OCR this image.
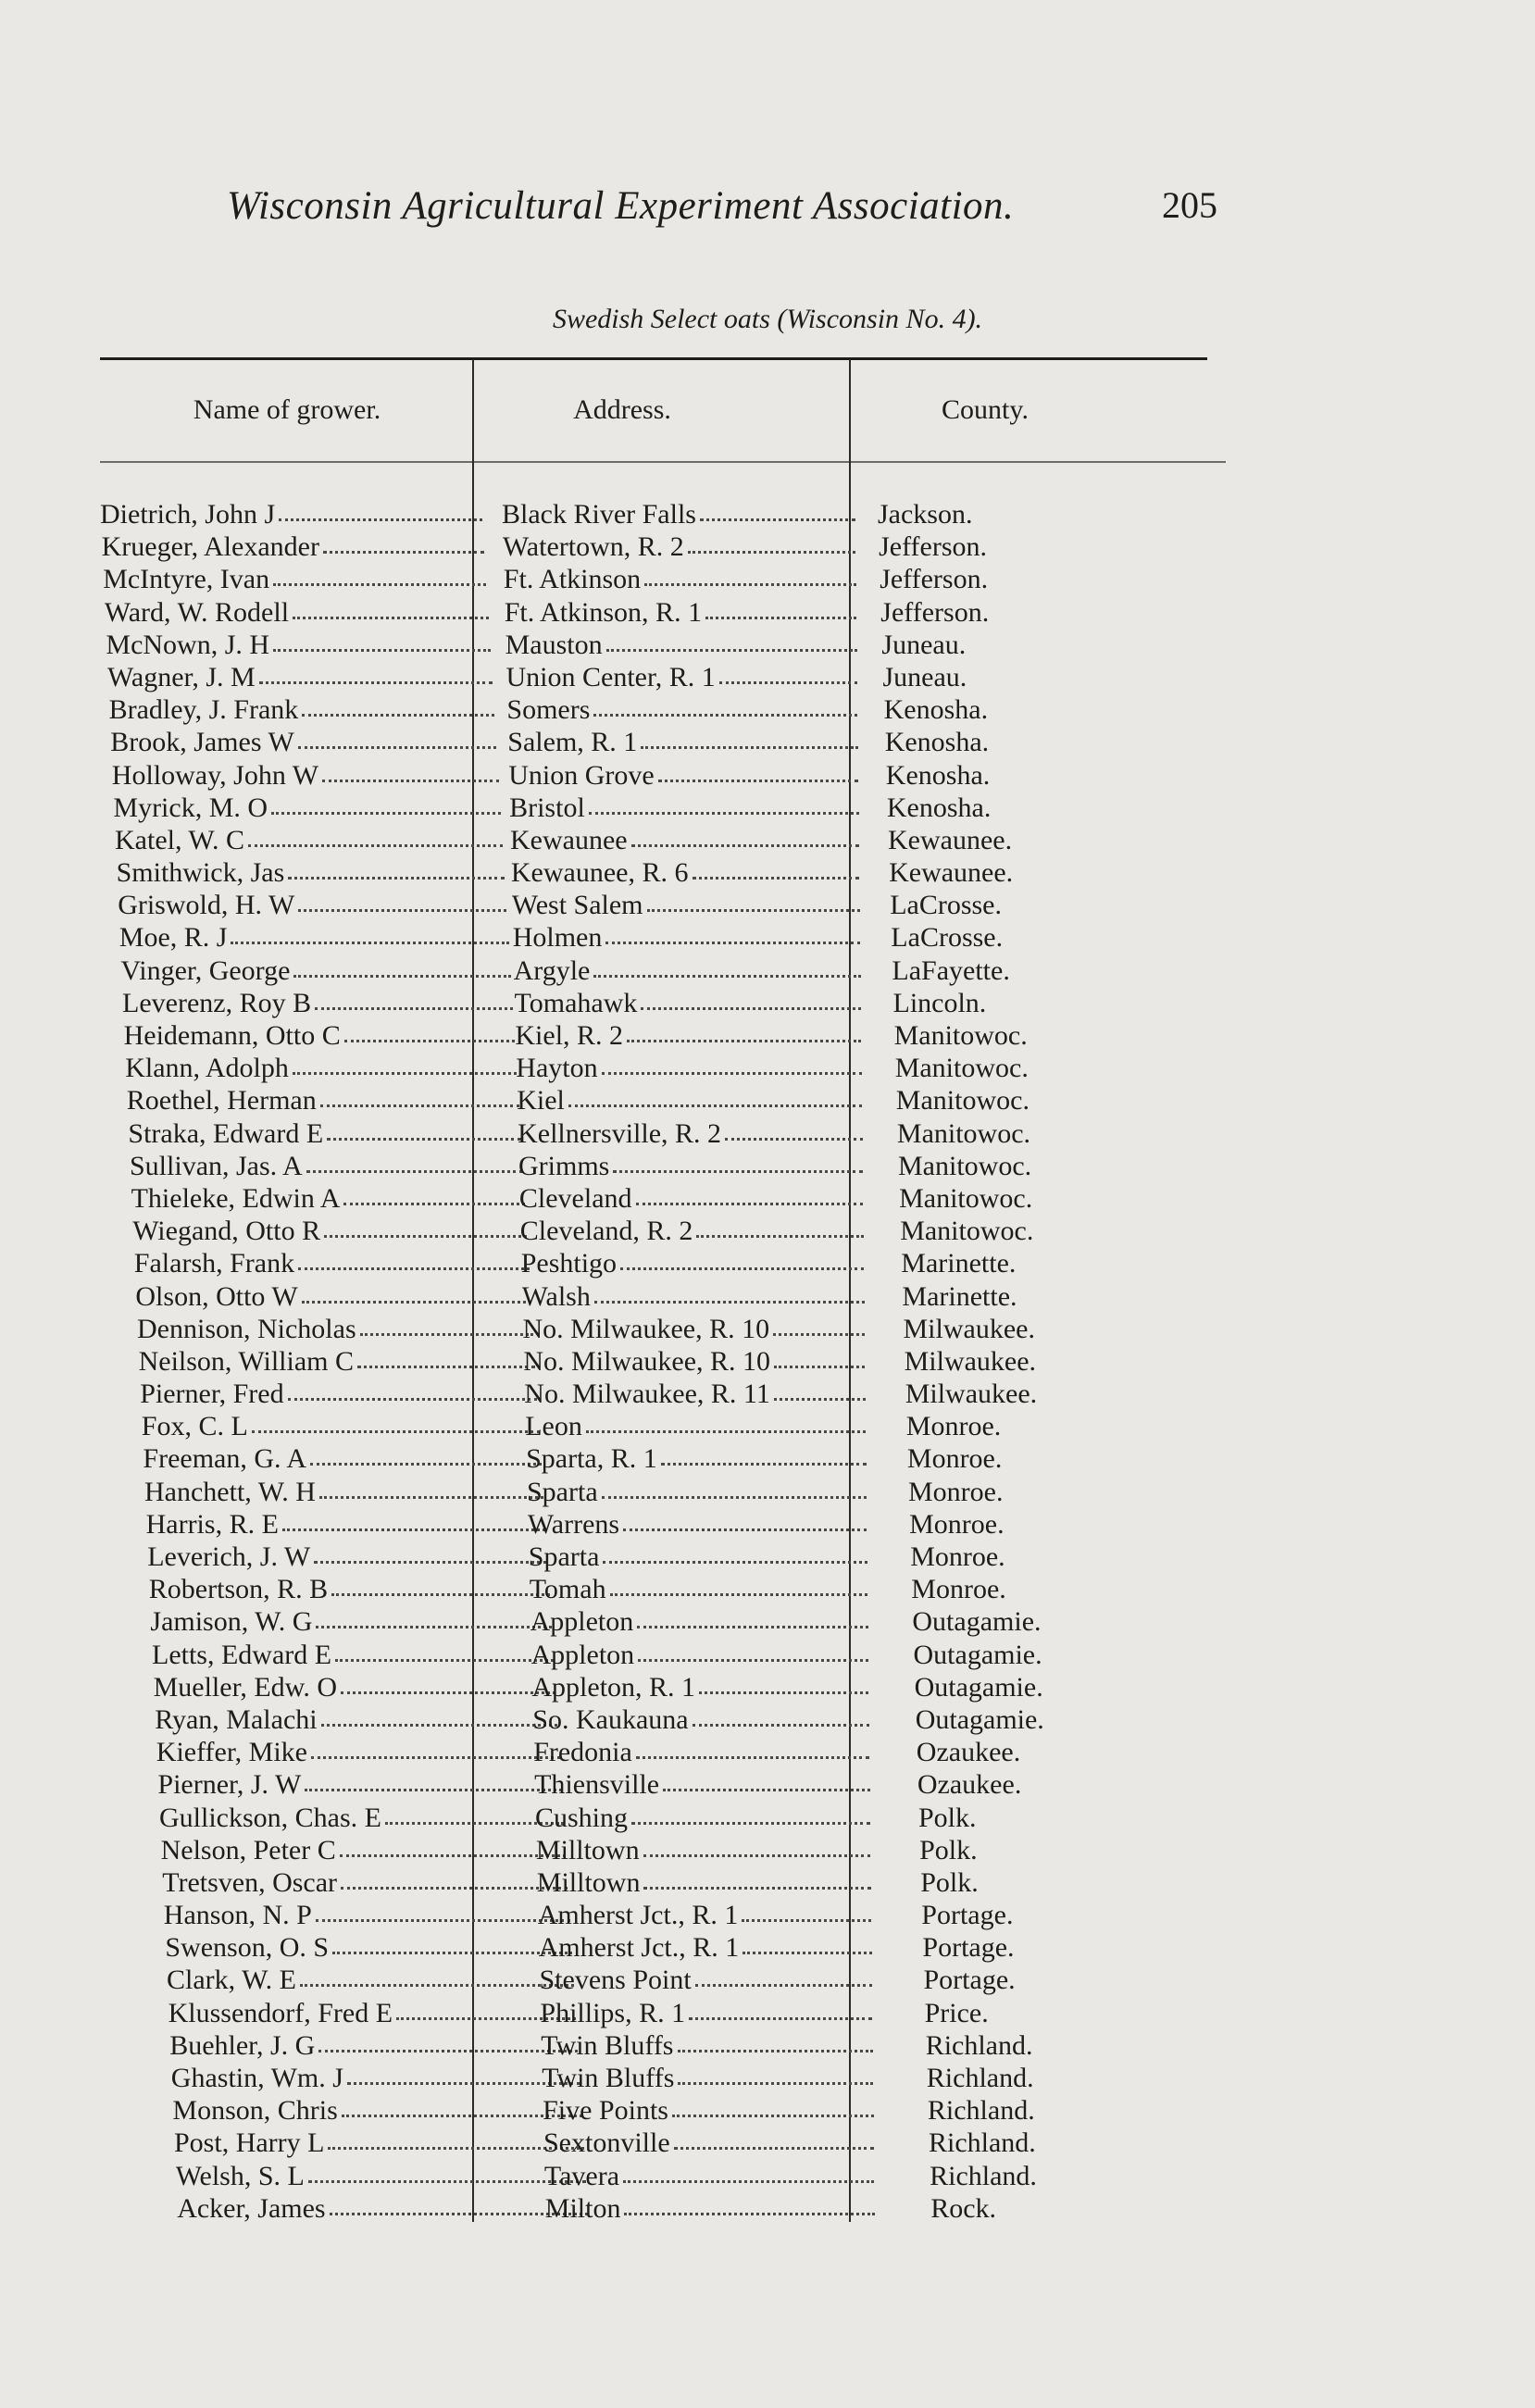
Wisconsin Agricultural Experiment Association.	205
Swedish Select oats (Wisconsin No. 4).
Name of grower.	Address.	County.
Dietrich, John J	Black River Falls	Jackson.
Krueger, Alexander	Watertown, R. 2	Jefferson.
McIntyre, Ivan	Ft. Atkinson	Jefferson.
Ward, W. Rodell	Ft. Atkinson, R. 1	Jefferson.
McNown, J. H	Mauston	Juneau.
Wagner, J. M	Union Center, R. 1	Juneau.
Bradley, J. Frank	Somers	Kenosha.
Brook, James W	Salem, R. 1	Kenosha.
Holloway, John W	Union Grove	Kenosha.
Myrick, M. O	Bristol	Kenosha.
Katel, W. C	Kewaunee	Kewaunee.
Smithwick, Jas	Kewaunee, R. 6	Kewaunee.
Griswold, H. W	West Salem	LaCrosse.
Moe, R. J	Holmen	LaCrosse.
Vinger, George	Argyle	LaFayette.
Leverenz, Roy B	Tomahawk	Lincoln.
Heidemann, Otto C	Kiel, R. 2	Manitowoc.
Klann, Adolph	Hayton	Manitowoc.
Roethel, Herman	Kiel	Manitowoc.
Straka, Edward E	Kellnersville, R. 2	Manitowoc.
Sullivan, Jas. A	Grimms	Manitowoc.
Thieleke, Edwin A	Cleveland	Manitowoc.
Wiegand, Otto R	Cleveland, R. 2	Manitowoc.
Falarsh, Frank	Peshtigo	Marinette.
Olson, Otto W	Walsh	Marinette.
Dennison, Nicholas	No. Milwaukee, R. 10	Milwaukee.
Neilson, William C	No. Milwaukee, R. 10	Milwaukee.
Pierner, Fred	No. Milwaukee, R. 11	Milwaukee.
Fox, C. L	Leon	Monroe.
Freeman, G. A	Sparta, R. 1	Monroe.
Hanchett, W. H	Sparta	Monroe.
Harris, R. E	Warrens	Monroe.
Leverich, J. W	Sparta	Monroe.
Robertson, R. B	Tomah	Monroe.
Jamison, W. G	Appleton	Outagamie.
Letts, Edward E	Appleton	Outagamie.
Mueller, Edw. O	Appleton, R. 1	Outagamie.
Ryan, Malachi	So. Kaukauna	Outagamie.
Kieffer, Mike	Fredonia	Ozaukee.
Pierner, J. W	Thiensville	Ozaukee.
Gullickson, Chas. E	Cushing	Polk.
Nelson, Peter C	Milltown	Polk.
Tretsven, Oscar	Milltown	Polk.
Hanson, N. P	Amherst Jct., R. 1	Portage.
Swenson, O. S	Amherst Jct., R. 1	Portage.
Clark, W. E	Stevens Point	Portage.
Klussendorf, Fred E	Phillips, R. 1	Price.
Buehler, J. G	Twin Bluffs	Richland.
Ghastin, Wm. J	Twin Bluffs	Richland.
Monson, Chris	Five Points	Richland.
Post, Harry L	Sextonville	Richland.
Welsh, S. L	Tavera	Richland.
Acker, James	Milton	Rock.
